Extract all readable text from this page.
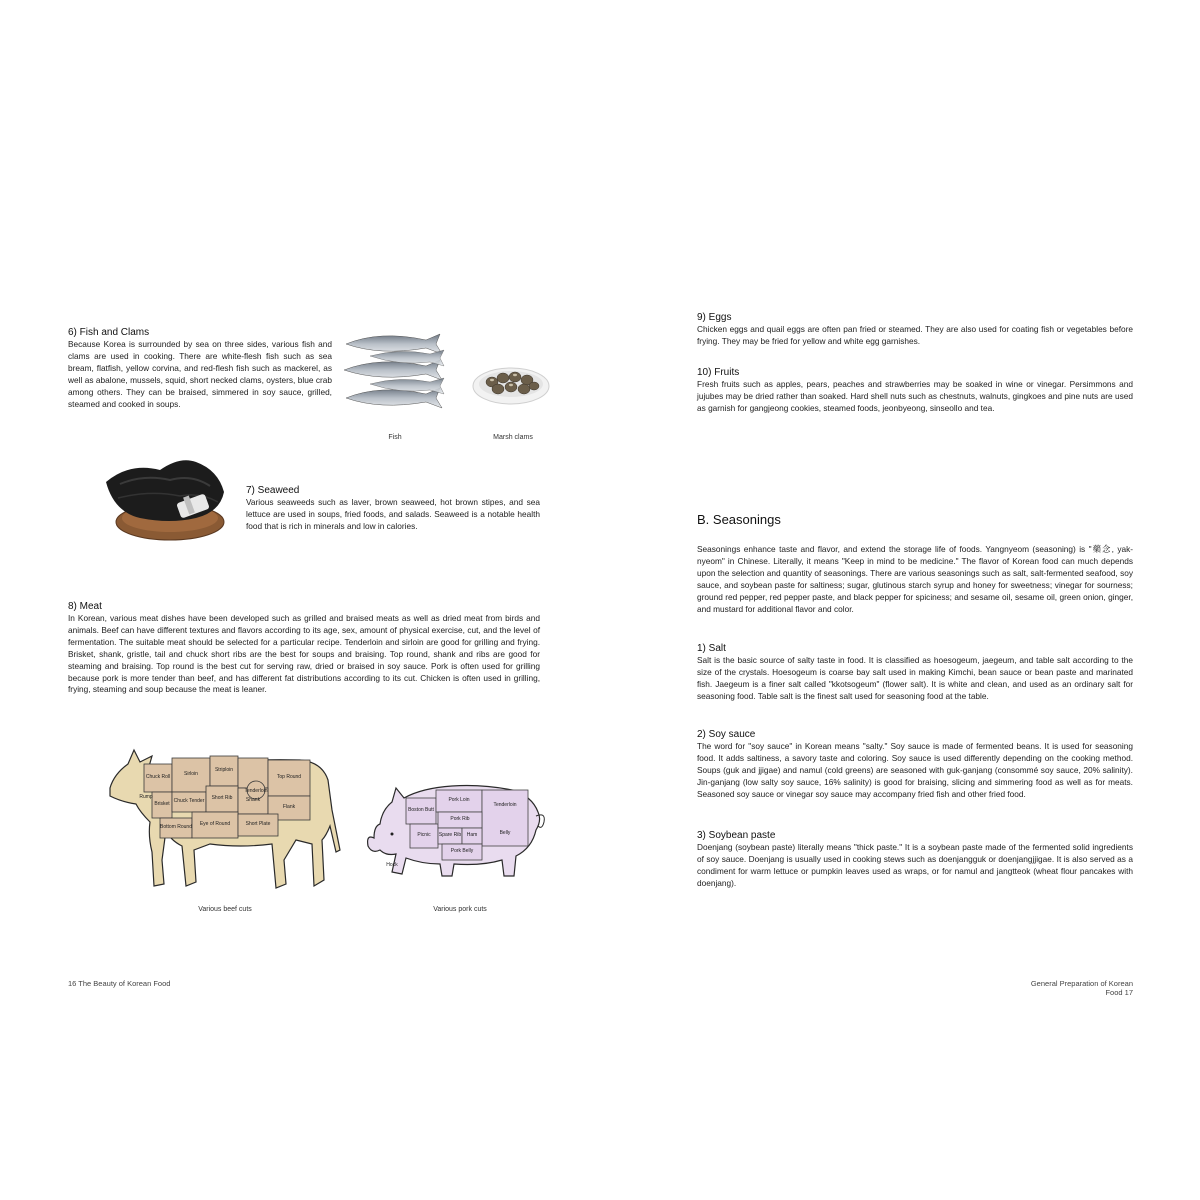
6) Fish and Clams
Because Korea is surrounded by sea on three sides, various fish and clams are used in cooking. There are white-flesh fish such as sea bream, flatfish, yellow corvina, and red-flesh fish such as mackerel, as well as abalone, mussels, squid, short necked clams, oysters, blue crab among others. They can be braised, simmered in soy sauce, grilled, steamed and cooked in soups.
Fish	Marsh clams
7) Seaweed
Various seaweeds such as laver, brown seaweed, hot brown stipes, and sea lettuce are used in soups, fried foods, and salads. Seaweed is a notable health food that is rich in minerals and low in calories.
8) Meat
In Korean, various meat dishes have been developed such as grilled and braised meats as well as dried meat from birds and animals. Beef can have different textures and flavors according to its age, sex, amount of physical exercise, cut, and the level of fermentation. The suitable meat should be selected for a particular recipe. Tenderloin and sirloin are good for grilling and frying. Brisket, shank, gristle, tail and chuck short ribs are the best for soups and braising. Top round, shank and ribs are good for steaming and braising. Top round is the best cut for serving raw, dried or braised in soy sauce. Pork is often used for grilling because pork is more tender than beef, and has different fat distributions according to its cut. Chicken is often used in grilling, frying, steaming and soup because the meat is leaner.
Chuck Roll	Sirloin
Striploin
Tenderloin
Top Round
Brisket Chuck Tender Short Rib	Shank
Flank
Bottom Round Eye of Round	Short Plate
Rump
Various beef cuts
Boston Butt
Pork Loin
Tenderloin
Picnic
Pork Rib
Spare Rib Ham	Belly
Pork Belly
Hock
Various pork cuts
16 The Beauty of Korean Food
9) Eggs
Chicken eggs and quail eggs are often pan fried or steamed. They are also used for coating fish or vegetables before frying. They may be fried for yellow and white egg garnishes.
10) Fruits
Fresh fruits such as apples, pears, peaches and strawberries may be soaked in wine or vinegar. Persimmons and jujubes may be dried rather than soaked. Hard shell nuts such as chestnuts, walnuts, gingkoes and pine nuts are used as garnish for gangjeong cookies, steamed foods, jeonbyeong, sinseollo and tea.
B. Seasonings
Seasonings enhance taste and flavor, and extend the storage life of foods. Yangnyeom (seasoning) is "藥念, yak-nyeom" in Chinese. Literally, it means "Keep in mind to be medicine." The flavor of Korean food can much depends upon the selection and quantity of seasonings. There are various seasonings such as salt, salt-fermented seafood, soy sauce, and soybean paste for saltiness; sugar, glutinous starch syrup and honey for sweetness; vinegar for sourness; ground red pepper, red pepper paste, and black pepper for spiciness; and sesame oil, sesame oil, green onion, ginger, and mustard for additional flavor and color.
1) Salt
Salt is the basic source of salty taste in food. It is classified as hoesogeum, jaegeum, and table salt according to the size of the crystals. Hoesogeum is coarse bay salt used in making Kimchi, bean sauce or bean paste and marinated fish. Jaegeum is a finer salt called "kkotsogeum" (flower salt). It is white and clean, and used as an ordinary salt for seasoning food. Table salt is the finest salt used for seasoning food at the table.
2) Soy sauce
The word for "soy sauce" in Korean means "salty." Soy sauce is made of fermented beans. It is used for seasoning food. It adds saltiness, a savory taste and coloring. Soy sauce is used differently depending on the cooking method. Soups (guk and jjigae) and namul (cold greens) are seasoned with guk-ganjang (consommé soy sauce, 20% salinity). Jin-ganjang (low salty soy sauce, 16% salinity) is good for braising, slicing and simmering food as well as for meats. Seasoned soy sauce or vinegar soy sauce may accompany fried fish and other fried food.
3) Soybean paste
Doenjang (soybean paste) literally means "thick paste." It is a soybean paste made of the fermented solid ingredients of soy sauce. Doenjang is usually used in cooking stews such as doenjangguk or doenjangjjigae. It is also served as a condiment for warm lettuce or pumpkin leaves used as wraps, or for namul and jangtteok (wheat flour pancakes with doenjang).
General Preparation of Korean Food 17
